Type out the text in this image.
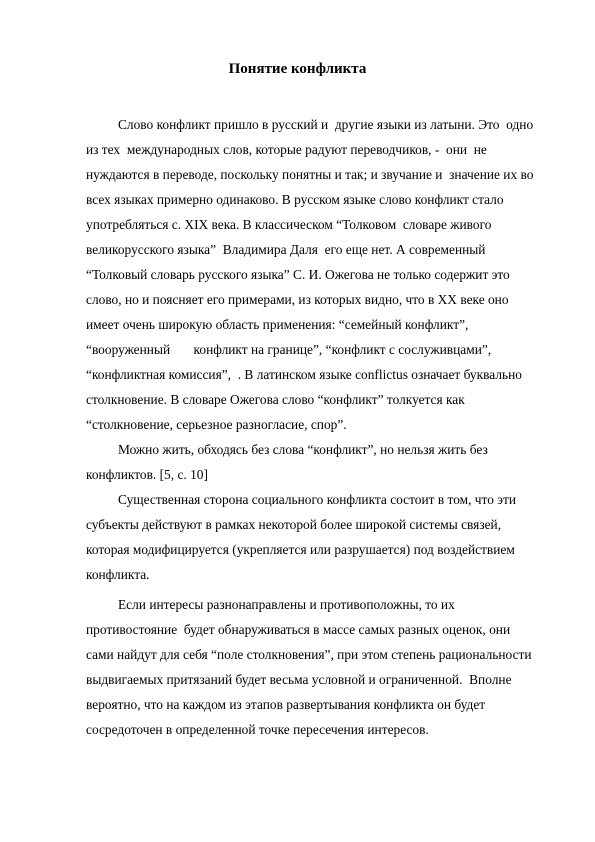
Понятие конфликта
Слово конфликт пришло в русский и  другие языки из латыни. Это  одно
из тех  международных слов, которые радуют переводчиков, -  они  не
нуждаются в переводе, поскольку понятны и так; и звучание и  значение их во
всех языках примерно одинаково. В русском языке слово конфликт стало
употребляться с. XIX века. В классическом “Толковом  словаре живого
великорусского языка”  Владимира Даля  его еще нет. А современный
“Толковый словарь русского языка” С. И. Ожегова не только содержит это
слово, но и поясняет его примерами, из которых видно, что в XX веке оно
имеет очень широкую область применения: “семейный конфликт”,
“вооруженный       конфликт на границе”, “конфликт с сослуживцами”,
“конфликтная комиссия”,  . В латинском языке conflictus означает буквально
столкновение. В словаре Ожегова слово “конфликт” толкуется как
“столкновение, серьезное разногласие, спор”.
Можно жить, обходясь без слова “конфликт”, но нельзя жить без
конфликтов. [5, с. 10]
Существенная сторона социального конфликта состоит в том, что эти
субъекты действуют в рамках некоторой более широкой системы связей,
которая модифицируется (укрепляется или разрушается) под воздействием
конфликта.
Если интересы разнонаправлены и противоположны, то их
противостояние  будет обнаруживаться в массе самых разных оценок, они
сами найдут для себя “поле столкновения”, при этом степень рациональности
выдвигаемых притязаний будет весьма условной и ограниченной.  Вполне
вероятно, что на каждом из этапов развертывания конфликта он будет
сосредоточен в определенной точке пересечения интересов.
